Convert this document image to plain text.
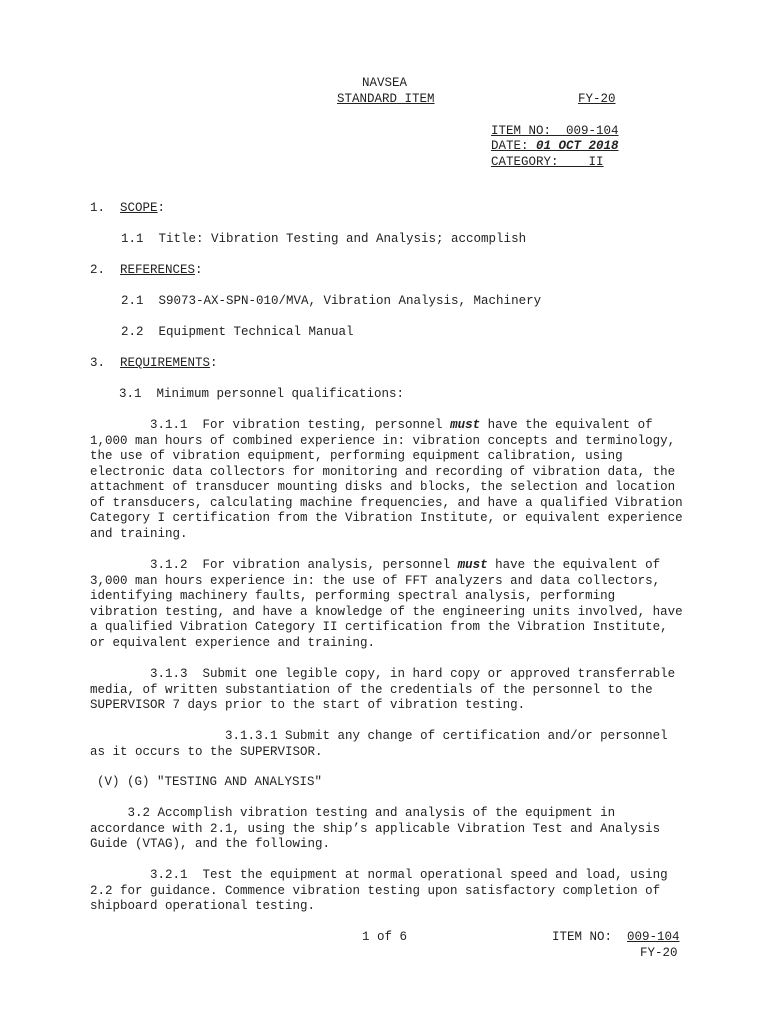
NAVSEA
STANDARD ITEM	FY-20
ITEM NO: 009-104
DATE: 01 OCT 2018
CATEGORY: II
1. SCOPE:
1.1  Title: Vibration Testing and Analysis; accomplish
2. REFERENCES:
2.1  S9073-AX-SPN-010/MVA, Vibration Analysis, Machinery
2.2  Equipment Technical Manual
3. REQUIREMENTS:
3.1  Minimum personnel qualifications:
3.1.1  For vibration testing, personnel must have the equivalent of 1,000 man hours of combined experience in: vibration concepts and terminology, the use of vibration equipment, performing equipment calibration, using electronic data collectors for monitoring and recording of vibration data, the attachment of transducer mounting disks and blocks, the selection and location of transducers, calculating machine frequencies, and have a qualified Vibration Category I certification from the Vibration Institute, or equivalent experience and training.
3.1.2  For vibration analysis, personnel must have the equivalent of 3,000 man hours experience in: the use of FFT analyzers and data collectors, identifying machinery faults, performing spectral analysis, performing vibration testing, and have a knowledge of the engineering units involved, have a qualified Vibration Category II certification from the Vibration Institute, or equivalent experience and training.
3.1.3  Submit one legible copy, in hard copy or approved transferrable media, of written substantiation of the credentials of the personnel to the SUPERVISOR 7 days prior to the start of vibration testing.
3.1.3.1 Submit any change of certification and/or personnel as it occurs to the SUPERVISOR.
(V) (G) "TESTING AND ANALYSIS"
3.2 Accomplish vibration testing and analysis of the equipment in accordance with 2.1, using the ship’s applicable Vibration Test and Analysis Guide (VTAG), and the following.
3.2.1  Test the equipment at normal operational speed and load, using 2.2 for guidance. Commence vibration testing upon satisfactory completion of shipboard operational testing.
1 of 6	ITEM NO: 009-104
FY-20
